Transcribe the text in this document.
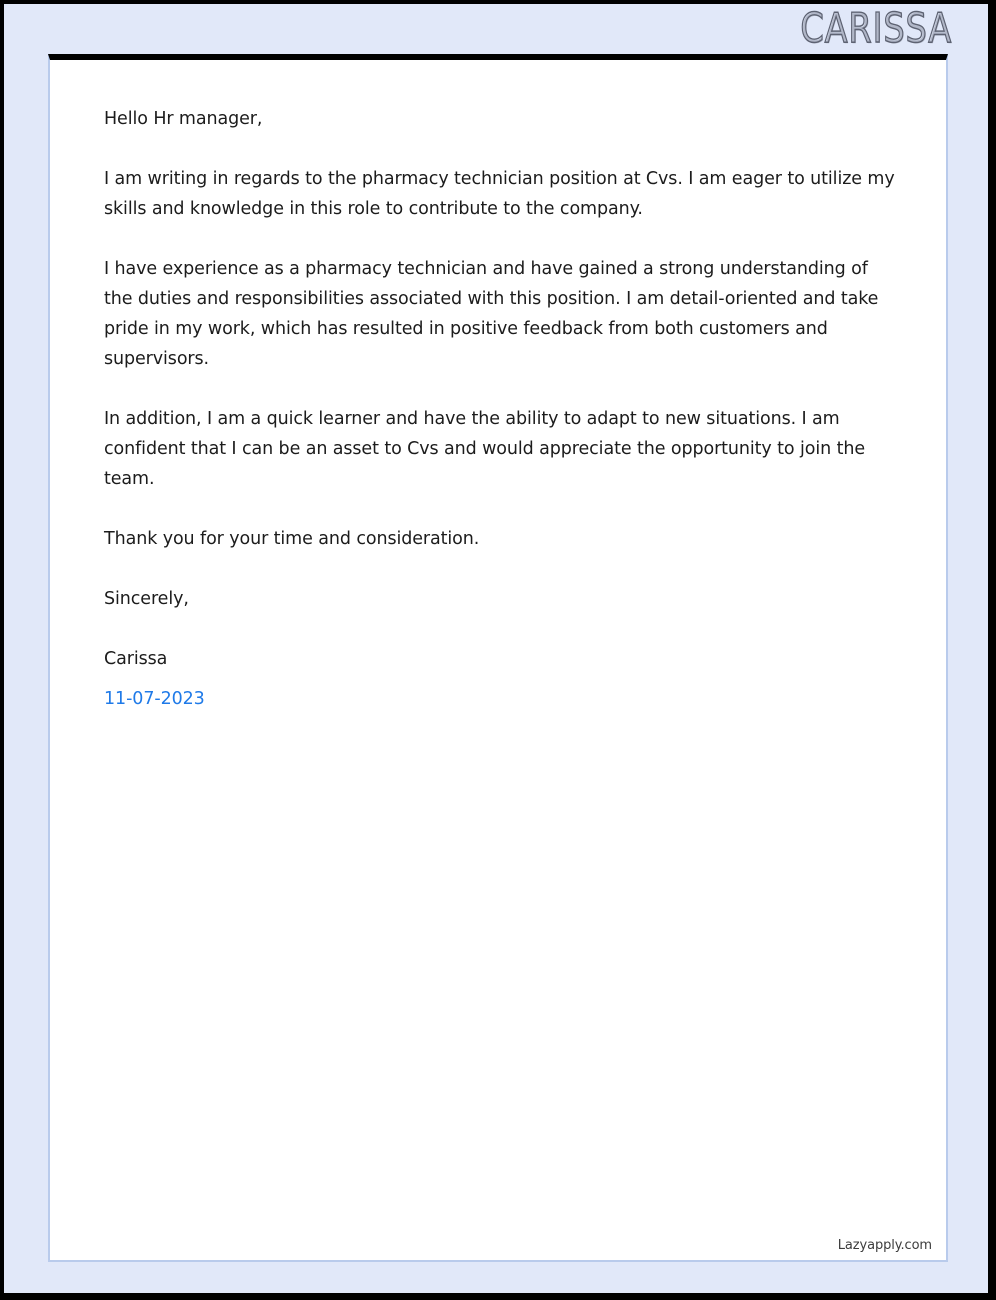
CARISSA

Hello Hr manager,

I am writing in regards to the pharmacy technician position at Cvs. I am eager to utilize my skills and knowledge in this role to contribute to the company.

I have experience as a pharmacy technician and have gained a strong understanding of the duties and responsibilities associated with this position. I am detail-oriented and take pride in my work, which has resulted in positive feedback from both customers and supervisors.

In addition, I am a quick learner and have the ability to adapt to new situations. I am confident that I can be an asset to Cvs and would appreciate the opportunity to join the team.

Thank you for your time and consideration.

Sincerely,

Carissa

11-07-2023

Lazyapply.com
